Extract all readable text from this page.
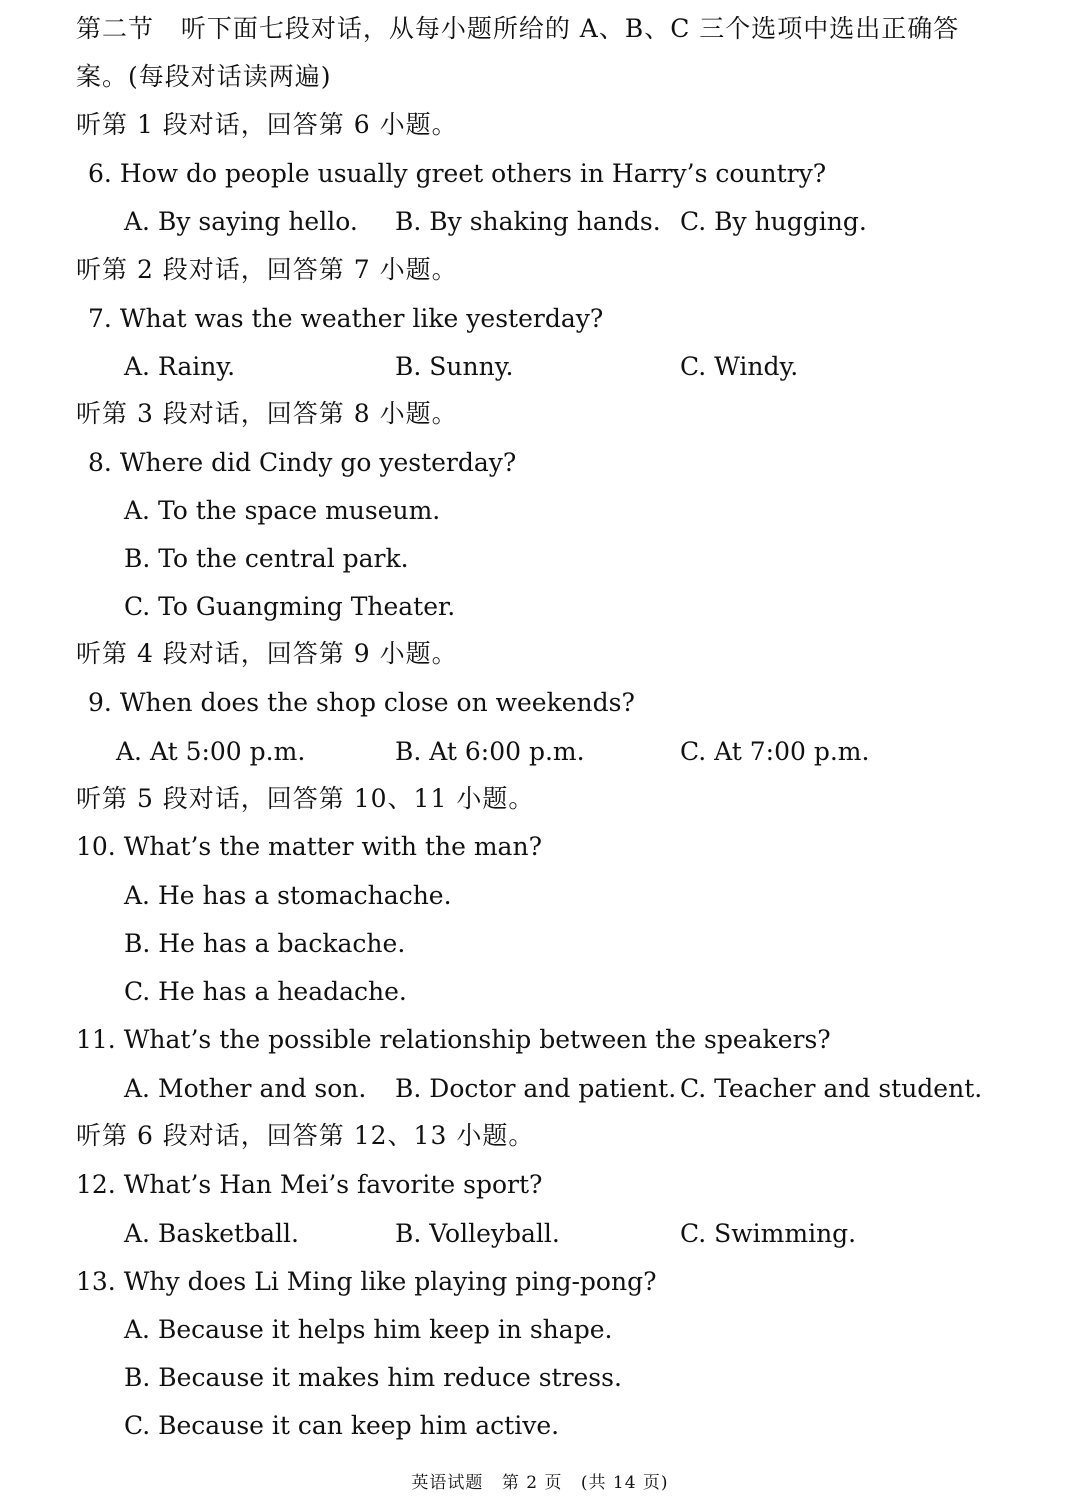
第二节 听下面七段对话，从每小题所给的 A、B、C 三个选项中选出正确答
案。(每段对话读两遍)
听第 1 段对话，回答第 6 小题。
6. How do people usually greet others in Harry’s country?
A. By saying hello. B. By shaking hands. C. By hugging.
听第 2 段对话，回答第 7 小题。
7. What was the weather like yesterday?
A. Rainy.	B. Sunny.	C. Windy.
听第 3 段对话，回答第 8 小题。
8. Where did Cindy go yesterday?
A. To the space museum.
B. To the central park.
C. To Guangming Theater.
听第 4 段对话，回答第 9 小题。
9. When does the shop close on weekends?
A. At 5:00 p.m.	B. At 6:00 p.m.	C. At 7:00 p.m.
听第 5 段对话，回答第 10、11 小题。
10. What’s the matter with the man?
A. He has a stomachache.
B. He has a backache.
C. He has a headache.
11. What’s the possible relationship between the speakers?
A. Mother and son. B. Doctor and patient. C. Teacher and student.
听第 6 段对话，回答第 12、13 小题。
12. What’s Han Mei’s favorite sport?
A. Basketball.	B. Volleyball.	C. Swimming.
13. Why does Li Ming like playing ping-pong?
A. Because it helps him keep in shape.
B. Because it makes him reduce stress.
C. Because it can keep him active.
英语试题 第 2 页 (共 14 页)
